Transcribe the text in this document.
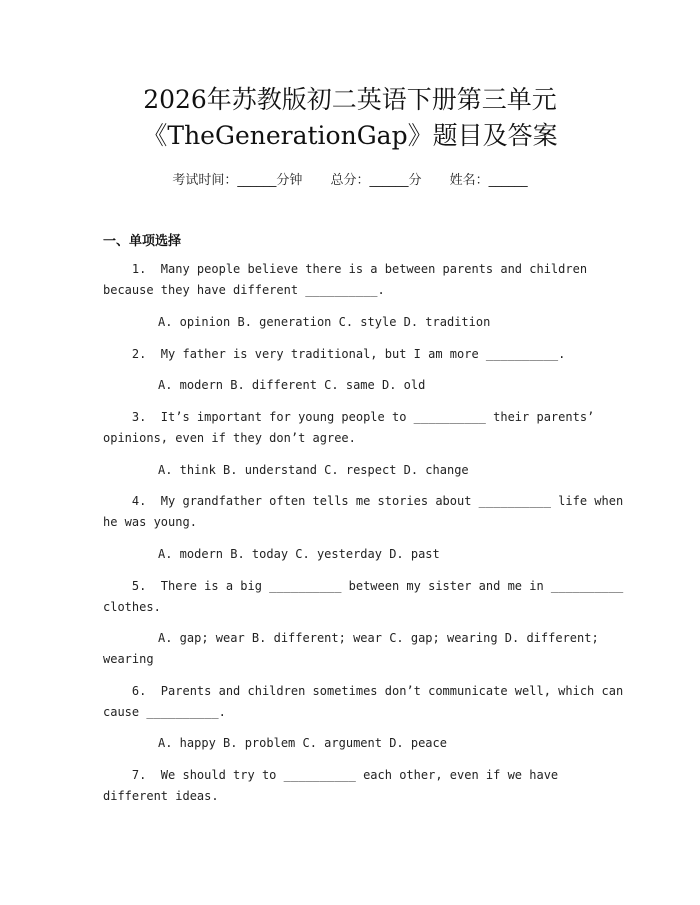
2026年苏教版初二英语下册第三单元
《TheGenerationGap》题目及答案
考试时间：______分钟 总分：______分 姓名：______
一、单项选择
1.  Many people believe there is a between parents and children
because they have different __________.
A. opinion B. generation C. style D. tradition
2.  My father is very traditional, but I am more __________.
A. modern B. different C. same D. old
3.  It’s important for young people to __________ their parents’
opinions, even if they don’t agree.
A. think B. understand C. respect D. change
4.  My grandfather often tells me stories about __________ life when
he was young.
A. modern B. today C. yesterday D. past
5.  There is a big __________ between my sister and me in __________
clothes.
A. gap; wear B. different; wear C. gap; wearing D. different;
wearing
6.  Parents and children sometimes don’t communicate well, which can
cause __________.
A. happy B. problem C. argument D. peace
7.  We should try to __________ each other, even if we have
different ideas.
